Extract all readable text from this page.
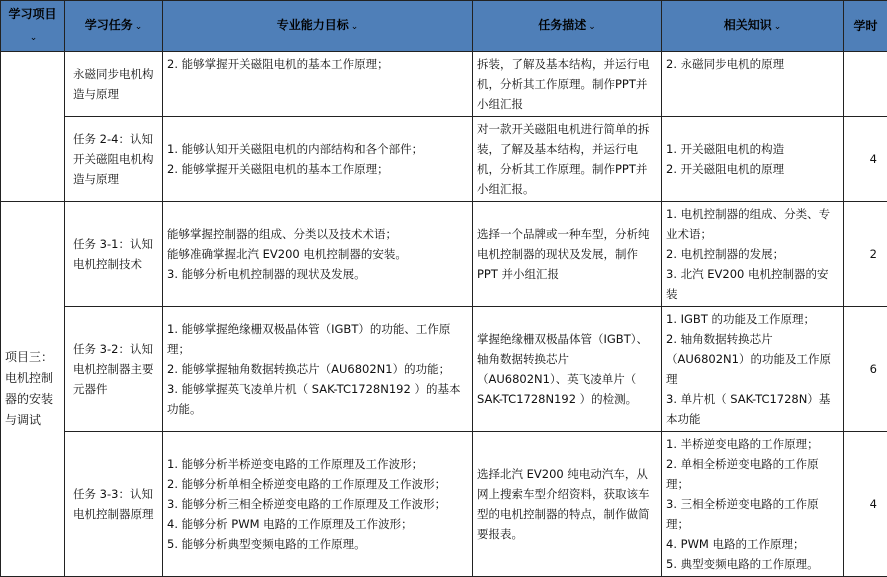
学习项目⌄	学习任务 ⌄	专业能力目标 ⌄	任务描述 ⌄	相关知识 ⌄	学时
	永磁同步电机构造与原理	2. 能够掌握开关磁阻电机的基本工作原理；	拆装，了解及基本结构，并运行电机，分析其工作原理。制作PPT并小组汇报	2. 永磁同步电机的原理	

	任务 2-4：认知开关磁阻电机构造与原理	1. 能够认知开关磁阻电机的内部结构和各个部件；
2. 能够掌握开关磁阻电机的基本工作原理；	对一款开关磁阻电机进行简单的拆装，了解及基本结构，并运行电机，分析其工作原理。制作PPT并小组汇报。	1. 开关磁阻电机的构造
2. 开关磁阻电机的原理	4
项目三：电机控制器的安装与调试	任务 3-1：认知电机控制技术	能够掌握控制器的组成、分类以及技术术语；
能够准确掌握北汽 EV200 电机控制器的安装。
3. 能够分析电机控制器的现状及发展。	选择一个品牌或一种车型，分析纯电机控制器的现状及发展，制作 PPT 并小组汇报	1. 电机控制器的组成、分类、专业术语；
2. 电机控制器的发展；
3. 北汽 EV200 电机控制器的安装	2
	任务 3-2：认知电机控制器主要元器件	1. 能够掌握绝缘栅双极晶体管（IGBT）的功能、工作原理；
2. 能够掌握轴角数据转换芯片（AU6802N1）的功能；
3. 能够掌握英飞凌单片机（ SAK-TC1728N192 ）的基本功能。	掌握绝缘栅双极晶体管（IGBT）、轴角数据转换芯片（AU6802N1）、英飞凌单片（ SAK-TC1728N192 ）的检测。	1. IGBT 的功能及工作原理；
2. 轴角数据转换芯片（AU6802N1）的功能及工作原理
3. 单片机（ SAK-TC1728N）基本功能	6
	任务 3-3：认知电机控制器原理	1. 能够分析半桥逆变电路的工作原理及工作波形；
2. 能够分析单相全桥逆变电路的工作原理及工作波形；
3. 能够分析三相全桥逆变电路的工作原理及工作波形；
4. 能够分析 PWM 电路的工作原理及工作波形；
5. 能够分析典型变频电路的工作原理。	选择北汽 EV200 纯电动汽车，从网上搜索车型介绍资料，获取该车型的电机控制器的特点，制作做简要报表。	1. 半桥逆变电路的工作原理；
2. 单相全桥逆变电路的工作原理；
3. 三相全桥逆变电路的工作原理；
4. PWM 电路的工作原理；
5. 典型变频电路的工作原理。	4
